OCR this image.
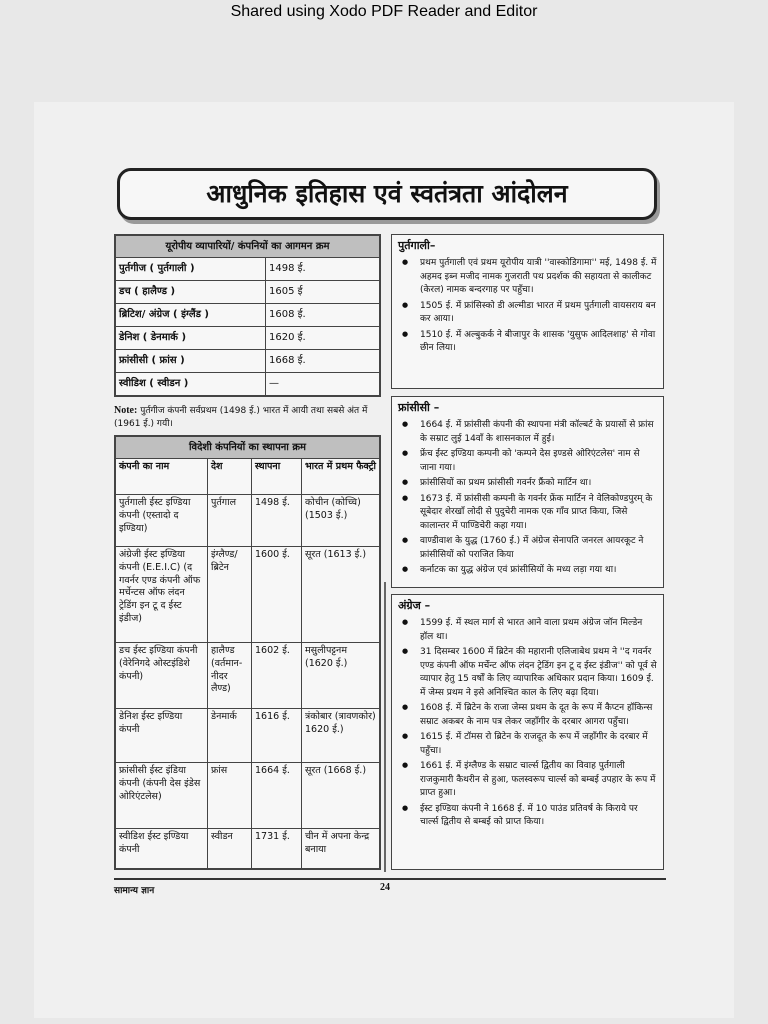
Shared using Xodo PDF Reader and Editor
आधुनिक इतिहास एवं स्वतंत्रता आंदोलन
यूरोपीय व्यापारियों/ कंपनियों का आगमन क्रम	
पुर्तगीज ( पुर्तगाली )	1498 ई.
डच ( हालैण्ड )	1605 ई
ब्रिटिश/ अंग्रेज ( इंग्लैंड )	1608 ई.
डेनिश ( डेनमार्क )	1620 ई.
फ्रांसीसी ( फ्रांस )	1668 ई.
स्वीडिश ( स्वीडन )	—
Note: पुर्तगीज कंपनी सर्वप्रथम (1498 ई.) भारत में आयी तथा सबसे अंत में (1961 ई.) गयी।
विदेशी कंपनियों का स्थापना क्रम			
कंपनी का नाम	देश	स्थापना	भारत में प्रथम फैक्ट्री
पुर्तगाली ईस्ट इण्डिया कंपनी (एस्तादो द इण्डिया)	पुर्तगाल	1498 ई.	कोचीन (कोच्चि) (1503 ई.)
अंग्रेजी ईस्ट इण्डिया कंपनी (E.E.I.C) (द गवर्नर एण्ड कंपनी ऑफ मर्चेन्टस ऑफ लंदन ट्रेडिंग इन टू द ईस्ट इंडीज)	इंग्लैण्ड/ ब्रिटेन	1600 ई.	सूरत (1613 ई.)
डच ईस्ट इण्डिया कंपनी (वेरेनिगदे ओस्टइंडिशे कंपनी)	हालैण्ड (वर्तमान-नीदर लैण्ड)	1602 ई.	मसुलीपट्टनम (1620 ई.)
डेनिश ईस्ट इण्डिया कंपनी	डेनमार्क	1616 ई.	त्रंकोबार (त्रावणकोर) 1620 ई.)
फ्रांसीसी ईस्ट इंडिया कंपनी (कंपनी देस इंडेस ओरिएंटलेस)	फ्रांस	1664 ई.	सूरत (1668 ई.)
स्वीडिश ईस्ट इण्डिया कंपनी	स्वीडन	1731 ई.	चीन में अपना केन्द्र बनाया
पुर्तगाली–
● प्रथम पुर्तगाली एवं प्रथम यूरोपीय यात्री ''वास्कोडिगामा'' मई, 1498 ई. में अहमद इब्न मजीद नामक गुजराती पथ प्रदर्शक की सहायता से कालीकट (केरल) नामक बन्दरगाह पर पहुँचा।
● 1505 ई. में फ्रांसिस्को डी अल्मीडा भारत में प्रथम पुर्तगाली वायसराय बन कर आया।
● 1510 ई. में अल्बुकर्क ने बीजापुर के शासक 'युसुफ आदिलशाह' से गोवा छीन लिया।
फ्रांसीसी –
● 1664 ई. में फ्रांसीसी कंपनी की स्थापना मंत्री कॉल्बर्ट के प्रयासों से फ्रांस के सम्राट लुई 14वाँ के शासनकाल में हुई।
● फ्रेंच ईस्ट इण्डिया कम्पनी को 'कम्पने देस इण्डसे ओरिएंटलेस' नाम से जाना गया।
● फ्रांसीसियों का प्रथम फ्रांसीसी गवर्नर फ्रैंको मार्टिन था।
● 1673 ई. में फ्रांसीसी कम्पनी के गवर्नर फ्रेंक मार्टिन ने वेलिकोण्डपुरम् के सूबेदार शेरखाँ लोदी से पुदुचेरी नामक एक गाँव प्राप्त किया, जिसे कालान्तर में पाण्डिचेरी कहा गया।
● वाण्डीवाश के युद्ध (1760 ई.) में अंग्रेज सेनापति जनरल आयरकूट ने फ्रांसीसियों को पराजित किया
● कर्नाटक का युद्ध अंग्रेज एवं फ्रांसीसियों के मध्य लड़ा गया था।
अंग्रेज –
● 1599 ई. में स्थल मार्ग से भारत आने वाला प्रथम अंग्रेज जॉन मिल्डेन हॉल था।
● 31 दिसम्बर 1600 में ब्रिटेन की महारानी एलिजाबेथ प्रथम ने ''द गवर्नर एण्ड कंपनी ऑफ मर्चेन्ट ऑफ लंदन ट्रेडिंग इन टू द ईस्ट इंडीज'' को पूर्व से व्यापार हेतु 15 वर्षों के लिए व्यापारिक अधिकार प्रदान किया। 1609 ई. में जेम्स प्रथम ने इसे अनिश्चित काल के लिए बढ़ा दिया।
● 1608 ई. में ब्रिटेन के राजा जेम्स प्रथम के दूत के रूप में कैप्टन हॉकिन्स सम्राट अकबर के नाम पत्र लेकर जहाँगीर के दरबार आगरा पहुँचा।
● 1615 ई. में टॉमस रो ब्रिटेन के राजदूत के रूप में जहाँगीर के दरबार में पहुँचा।
● 1661 ई. में इंग्लैण्ड के सम्राट चार्ल्स द्वितीय का विवाह पुर्तगाली राजकुमारी कैथरीन से हुआ, फलस्वरूप चार्ल्स को बम्बई उपहार के रूप में प्राप्त हुआ।
● ईस्ट इण्डिया कंपनी ने 1668 ई. में 10 पाउंड प्रतिवर्ष के किराये पर चार्ल्स द्वितीय से बम्बई को प्राप्त किया।
सामान्य ज्ञान	24
